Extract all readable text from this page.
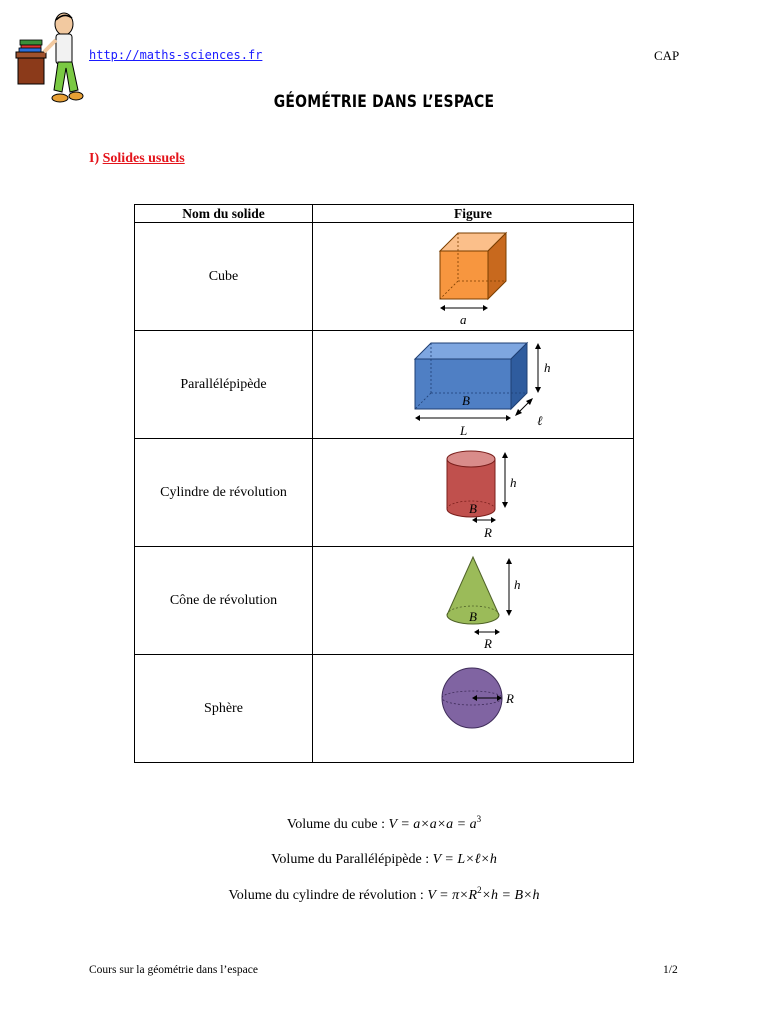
http://maths-sciences.fr	CAP
GÉOMÉTRIE DANS L’ESPACE
I) Solides usuels
Nom du solide	Figure
Cube	a

Parallélépipède	B
h
L
ℓ

Cylindre de révolution	B
h
R

Cône de révolution	B
h
R

Sphère	R
Volume du cube : $V = a\times a\times a = a^3$
Volume du Parallélépipède : V = L×ℓ×h
Volume du cylindre de révolution : $V = \pi\times R^2\times h = B\times h$
Cours sur la géométrie dans l’espace	1/2
